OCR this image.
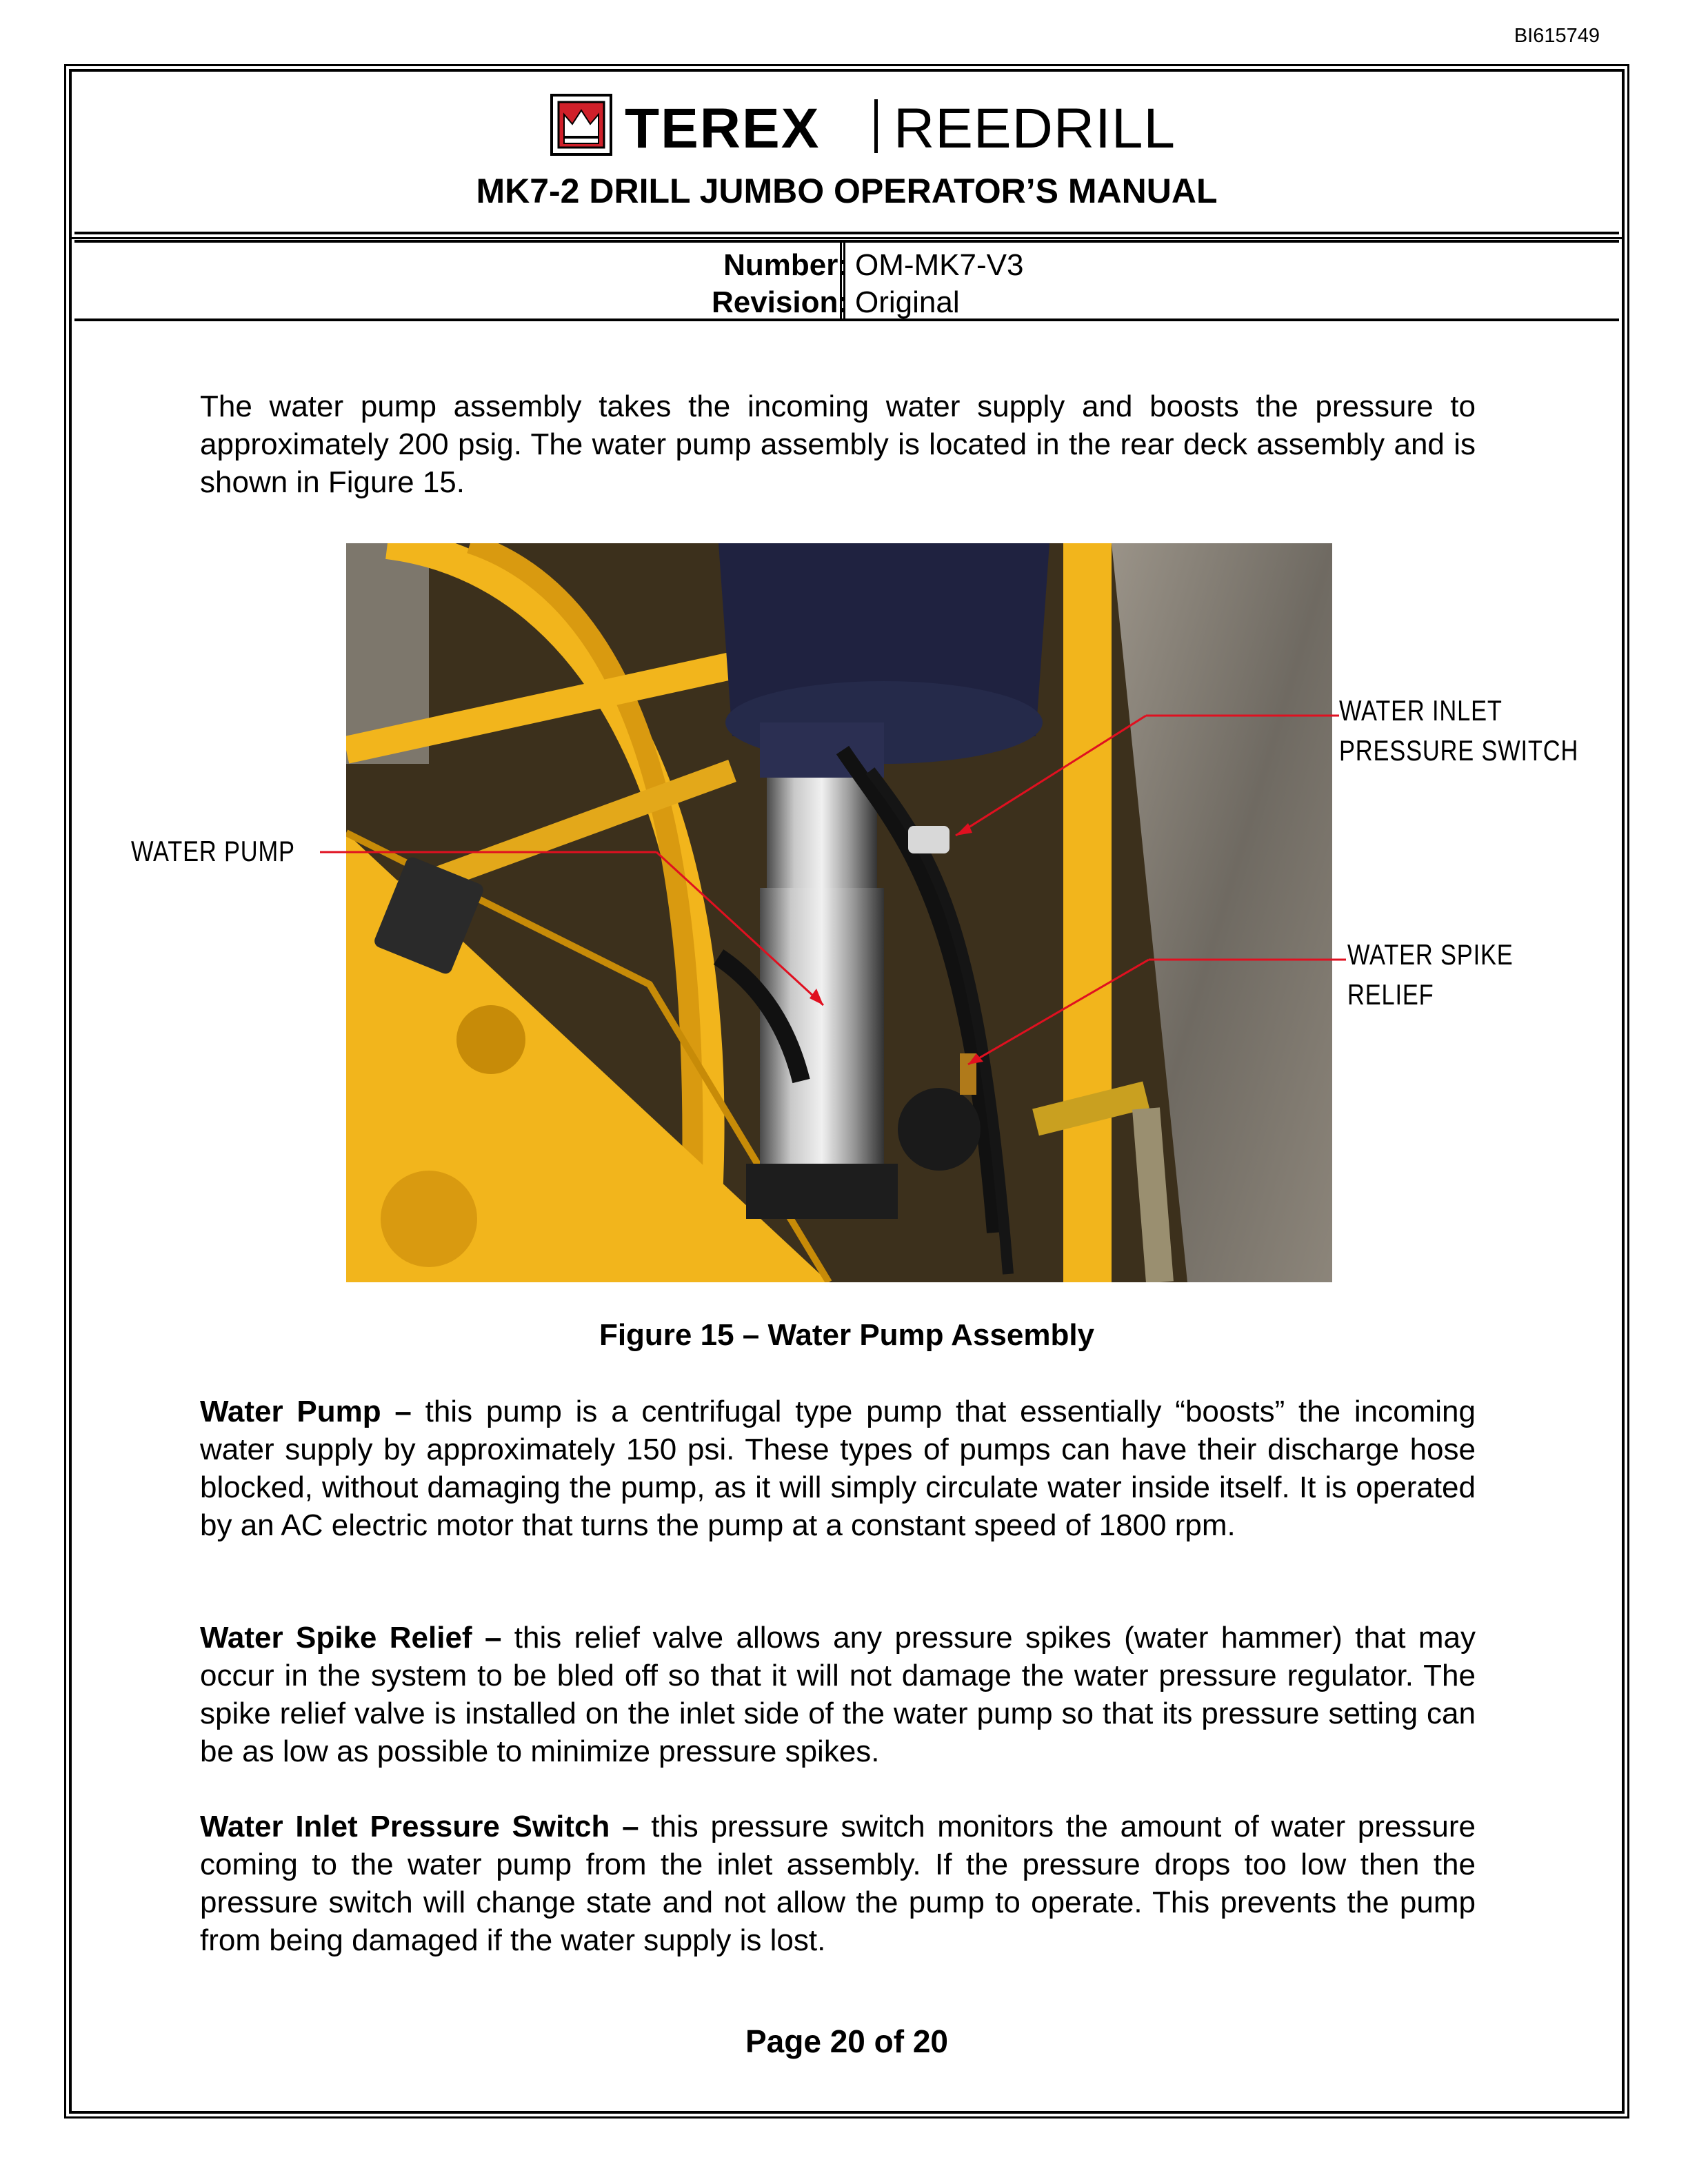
BI615749
TEREX REEDRILL
MK7-2 DRILL JUMBO OPERATOR’S MANUAL
Number: OM-MK7-V3
Revision: Original

The water pump assembly takes the incoming water supply and boosts the pressure to approximately 200 psig. The water pump assembly is located in the rear deck assembly and is shown in Figure 15.

WATER INLET
PRESSURE SWITCH
WATER PUMP
WATER SPIKE
RELIEF
Figure 15 – Water Pump Assembly

Water Pump – this pump is a centrifugal type pump that essentially “boosts” the incoming water supply by approximately 150 psi. These types of pumps can have their discharge hose blocked, without damaging the pump, as it will simply circulate water inside itself. It is operated by an AC electric motor that turns the pump at a constant speed of 1800 rpm.

Water Spike Relief – this relief valve allows any pressure spikes (water hammer) that may occur in the system to be bled off so that it will not damage the water pressure regulator. The spike relief valve is installed on the inlet side of the water pump so that its pressure setting can be as low as possible to minimize pressure spikes.

Water Inlet Pressure Switch – this pressure switch monitors the amount of water pressure coming to the water pump from the inlet assembly. If the pressure drops too low then the pressure switch will change state and not allow the pump to operate. This prevents the pump from being damaged if the water supply is lost.

Page 20 of 20
